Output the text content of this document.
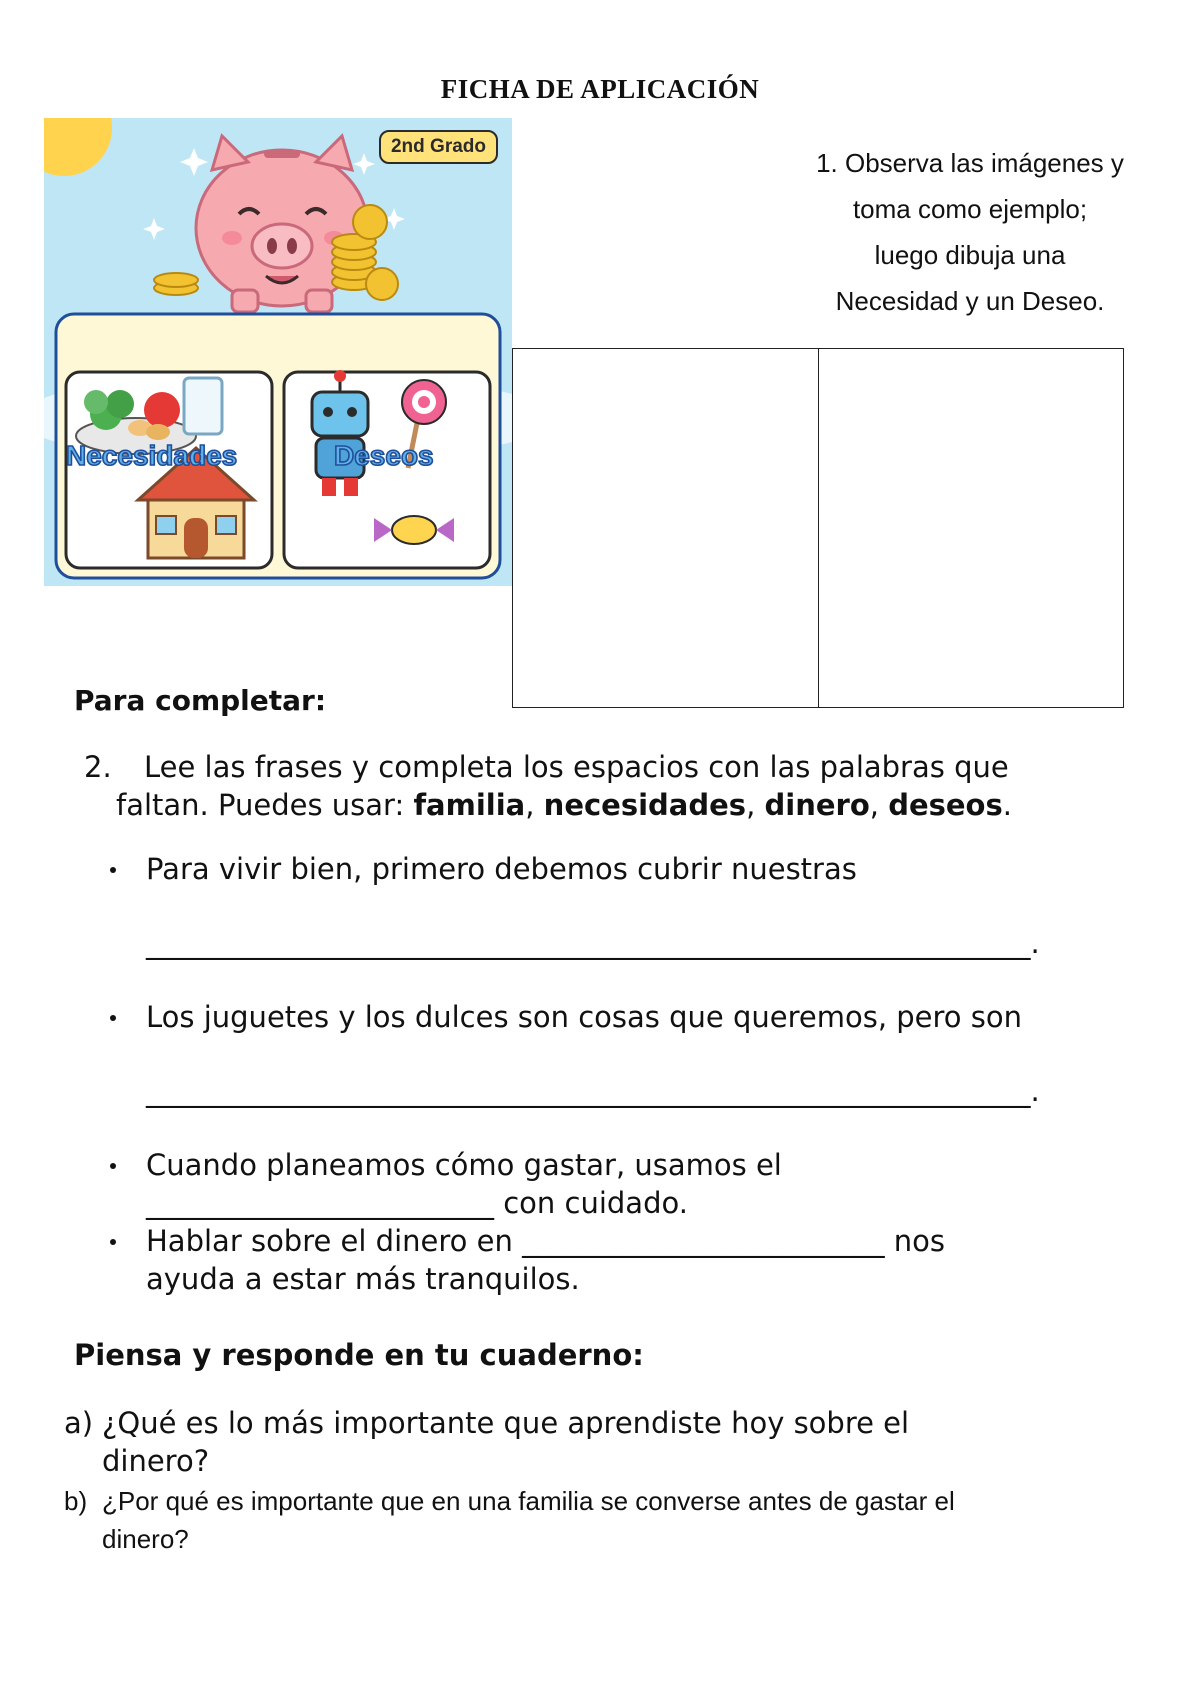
FICHA DE APLICACIÓN
2nd Grado
Necesidades	Deseos
1. Observa las imágenes y
toma como ejemplo;
luego dibuja una
Necesidad y un Deseo.
Para completar:
2. Lee las frases y completa los espacios con las palabras que
faltan. Puedes usar: familia, necesidades, dinero, deseos.
Para vivir bien, primero debemos cubrir nuestras
_____________________________________________________________.
Los juguetes y los dulces son cosas que queremos, pero son
_____________________________________________________________.
Cuando planeamos cómo gastar, usamos el
________________________ con cuidado.
Hablar sobre el dinero en _________________________ nos
ayuda a estar más tranquilos.
Piensa y responde en tu cuaderno:
a) ¿Qué es lo más importante que aprendiste hoy sobre el
dinero?
b) ¿Por qué es importante que en una familia se converse antes de gastar el
dinero?
